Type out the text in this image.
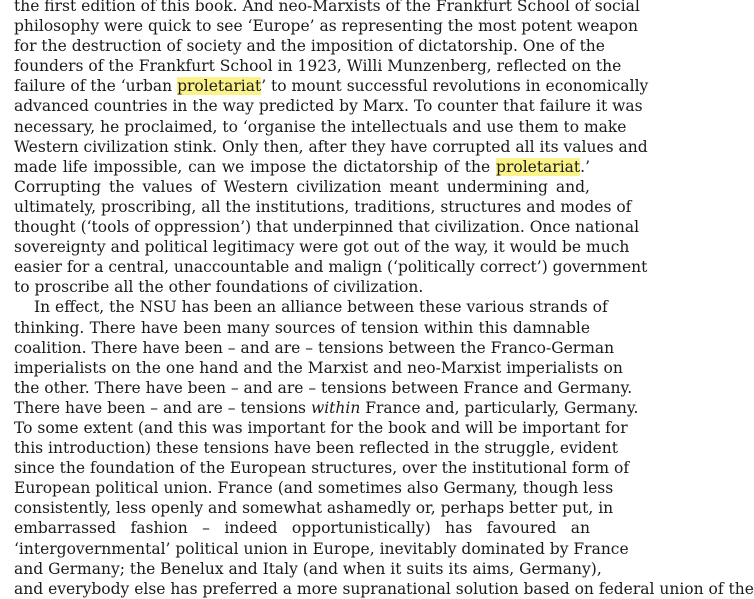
the first edition of this book. And neo-Marxists of the Frankfurt School of social
philosophy were quick to see ‘Europe’ as representing the most potent weapon
for the destruction of society and the imposition of dictatorship. One of the
founders of the Frankfurt School in 1923, Willi Munzenberg, reflected on the
failure of the ‘urban proletariat’ to mount successful revolutions in economically
advanced countries in the way predicted by Marx. To counter that failure it was
necessary, he proclaimed, to ‘organise the intellectuals and use them to make
Western civilization stink. Only then, after they have corrupted all its values and
made life impossible, can we impose the dictatorship of the proletariat.’
Corrupting the values of Western civilization meant undermining and,
ultimately, proscribing, all the institutions, traditions, structures and modes of
thought (‘tools of oppression’) that underpinned that civilization. Once national
sovereignty and political legitimacy were got out of the way, it would be much
easier for a central, unaccountable and malign (‘politically correct’) government
to proscribe all the other foundations of civilization.
In effect, the NSU has been an alliance between these various strands of
thinking. There have been many sources of tension within this damnable
coalition. There have been – and are – tensions between the Franco-German
imperialists on the one hand and the Marxist and neo-Marxist imperialists on
the other. There have been – and are – tensions between France and Germany.
There have been – and are – tensions within France and, particularly, Germany.
To some extent (and this was important for the book and will be important for
this introduction) these tensions have been reflected in the struggle, evident
since the foundation of the European structures, over the institutional form of
European political union. France (and sometimes also Germany, though less
consistently, less openly and somewhat ashamedly or, perhaps better put, in
embarrassed fashion – indeed opportunistically) has favoured an
‘intergovernmental’ political union in Europe, inevitably dominated by France
and Germany; the Benelux and Italy (and when it suits its aims, Germany),
and everybody else has preferred a more supranational solution based on federal union of the
